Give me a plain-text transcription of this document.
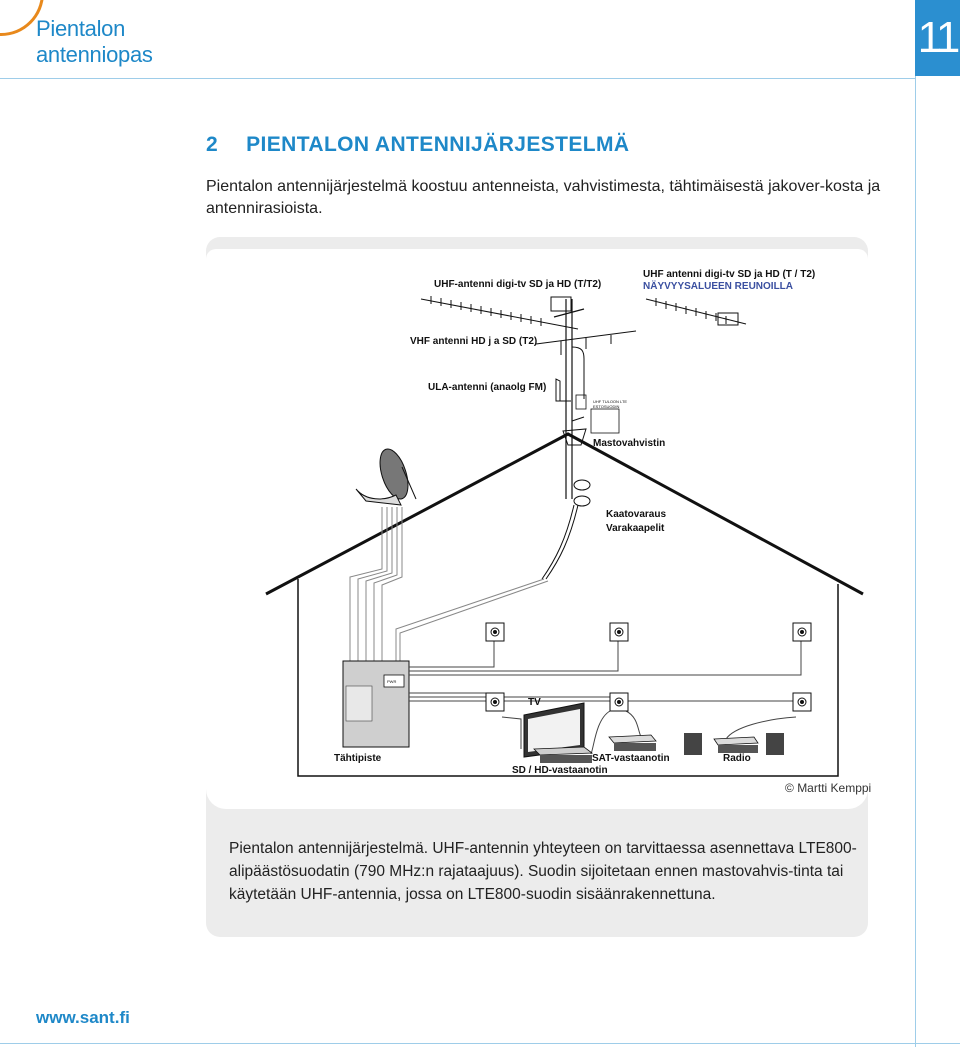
Pientalon
antenniopas	11
2 PIENTALON ANTENNIJÄRJESTELMÄ
Pientalon antennijärjestelmä koostuu antenneista, vahvistimesta, tähtimäisestä jakover-kosta ja antennirasioista.
UHF-antenni digi-tv SD ja HD (T/T2)
UHF antenni digi-tv SD ja HD (T / T2)
NÄYVYYSALUEEN REUNOILLA
VHF antenni HD j a SD (T2)
ULA-antenni (anaolg FM)
UHF TULOON LTE
ESTOSUODIN
Mastovahvistin
Kaatovaraus
Varakaapelit
PWR
TV
Tähtipiste	SAT-vastaanotin	Radio
SD / HD-vastaanotin
© Martti Kemppi
Pientalon antennijärjestelmä. UHF-antennin yhteyteen on tarvittaessa asennettava LTE800-alipäästösuodatin (790 MHz:n rajataajuus). Suodin sijoitetaan ennen mastovahvis-tinta tai käytetään UHF-antennia, jossa on LTE800-suodin sisäänrakennettuna.
www.sant.fi
